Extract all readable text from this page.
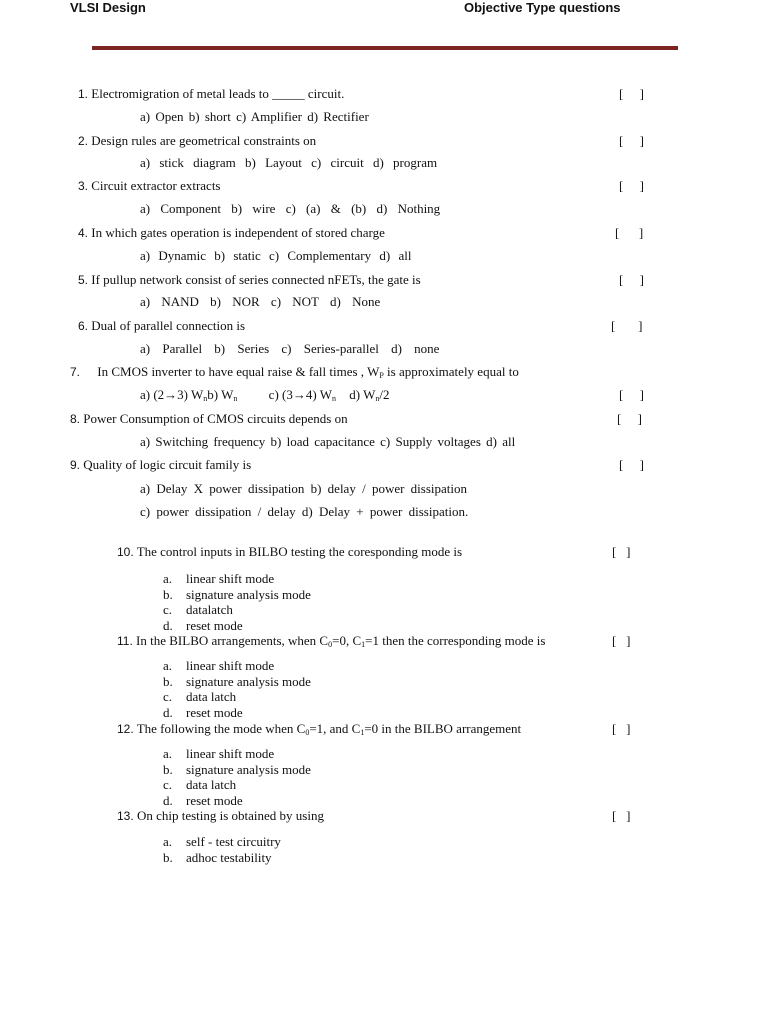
VLSI Design	Objective Type questions
1. Electromigration of metal leads to _____ circuit.	[     ]
a) Open b) short c) Amplifier d) Rectifier
2. Design rules are geometrical constraints on	[     ]
a) stick diagram b) Layout c) circuit d) program
3. Circuit extractor extracts	[     ]
a) Component b) wire c) (a) & (b) d) Nothing
4. In which gates operation is independent of stored charge	[      ]
a) Dynamic b) static c) Complementary d) all
5. If pullup network consist of series connected nFETs, the gate is	[     ]
a) NAND b) NOR c) NOT d) None
6. Dual of parallel connection is	[       ]
a) Parallel b) Series c) Series-parallel d) none
7. In CMOS inverter to have equal raise & fall times , $W_P$ is approximately equal to
a) (2→3) $W_nb$) $W_n$ c) (3→4) $W_n$ d) $W_n/2$	[     ]
8. Power Consumption of CMOS circuits depends on	[     ]
a) Switching frequency b) load capacitance c) Supply voltages d) all
9. Quality of logic circuit family is	[     ]
a) Delay X power dissipation b) delay / power dissipation
c) power dissipation / delay d) Delay + power dissipation.
10. The control inputs in BILBO testing the coresponding mode is	[   ]
a. linear shift mode
b. signature analysis mode
c. datalatch
d. reset mode
11. In the BILBO arrangements, when $C_0=0$, $C_1=1$ then the corresponding mode is	[   ]
a. linear shift mode
b. signature analysis mode
c. data latch
d. reset mode
12. The following the mode when $C_0=1$, and $C_1=0$ in the BILBO arrangement	[   ]
a. linear shift mode
b. signature analysis mode
c. data latch
d. reset mode
13. On chip testing is obtained by using	[   ]
a. self - test circuitry
b. adhoc testability
